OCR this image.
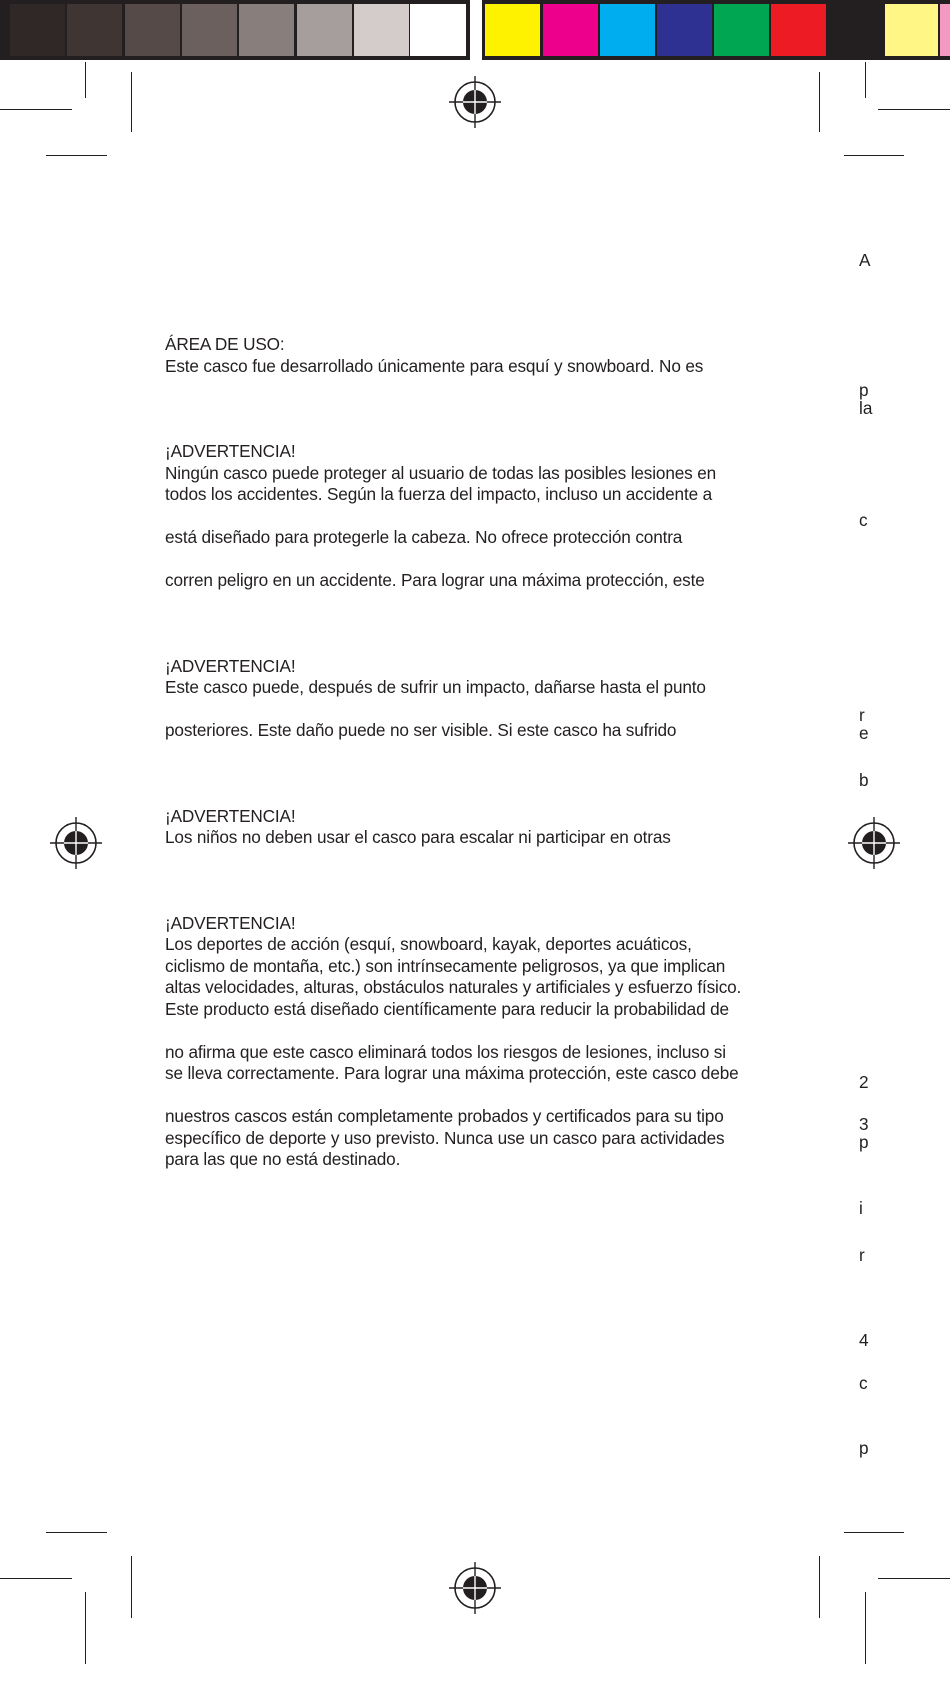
ÁREA DE USO:
Este casco fue desarrollado únicamente para esquí y snowboard. No es
¡ADVERTENCIA!
Ningún casco puede proteger al usuario de todas las posibles lesiones en
todos los accidentes. Según la fuerza del impacto, incluso un accidente a
está diseñado para protegerle la cabeza. No ofrece protección contra
corren peligro en un accidente. Para lograr una máxima protección, este
¡ADVERTENCIA!
Este casco puede, después de sufrir un impacto, dañarse hasta el punto
posteriores. Este daño puede no ser visible. Si este casco ha sufrido
¡ADVERTENCIA!
Los niños no deben usar el casco para escalar ni participar en otras
¡ADVERTENCIA!
Los deportes de acción (esquí, snowboard, kayak, deportes acuáticos,
ciclismo de montaña, etc.) son intrínsecamente peligrosos, ya que implican
altas velocidades, alturas, obstáculos naturales y artificiales y esfuerzo físico.
Este producto está diseñado científicamente para reducir la probabilidad de
no afirma que este casco eliminará todos los riesgos de lesiones, incluso si
se lleva correctamente. Para lograr una máxima protección, este casco debe
nuestros cascos están completamente probados y certificados para su tipo
específico de deporte y uso previsto. Nunca use un casco para actividades
para las que no está destinado.
A
p
la
c
r
e
b
2
3
p
i
r
4
c
p
